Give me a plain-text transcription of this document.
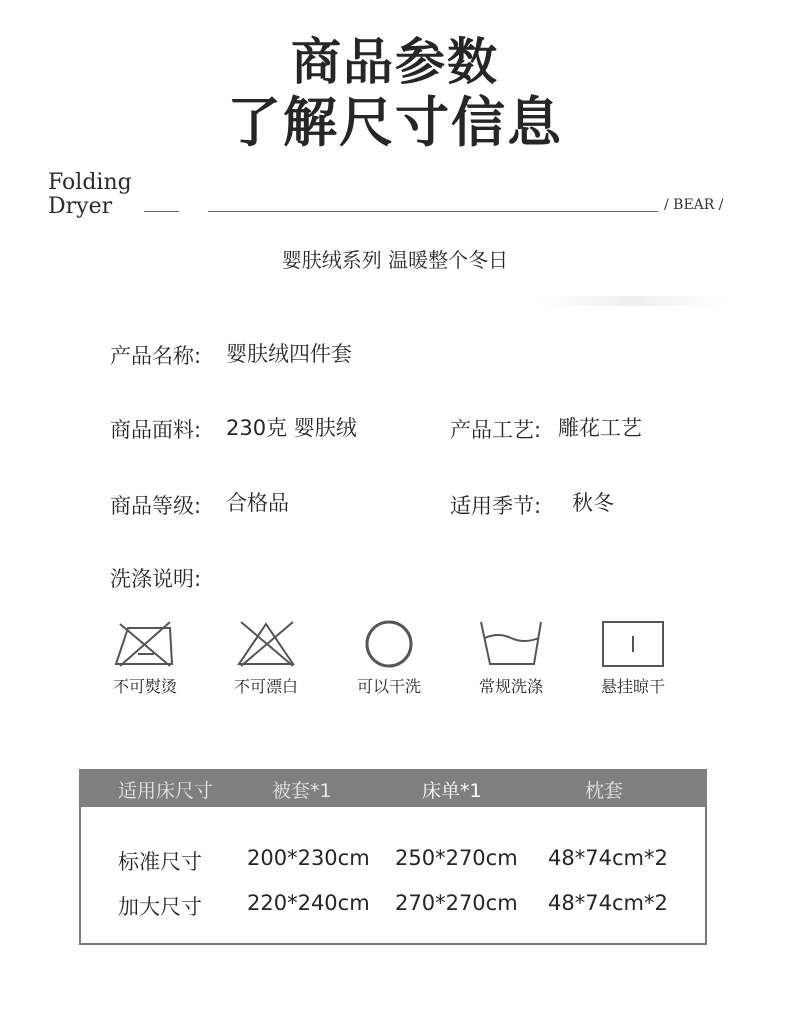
商品参数
了解尺寸信息
Folding
Dryer	/ BEAR /
婴肤绒系列 温暖整个冬日
产品名称: 婴肤绒四件套
商品面料: 230克 婴肤绒	产品工艺: 雕花工艺
商品等级: 合格品	适用季节: 秋冬
洗涤说明:
不可熨烫	不可漂白	可以干洗	常规洗涤	悬挂晾干
适用床尺寸	被套*1	床单*1	枕套
标准尺寸 200*230cm 250*270cm 48*74cm*2
加大尺寸 220*240cm 270*270cm 48*74cm*2
